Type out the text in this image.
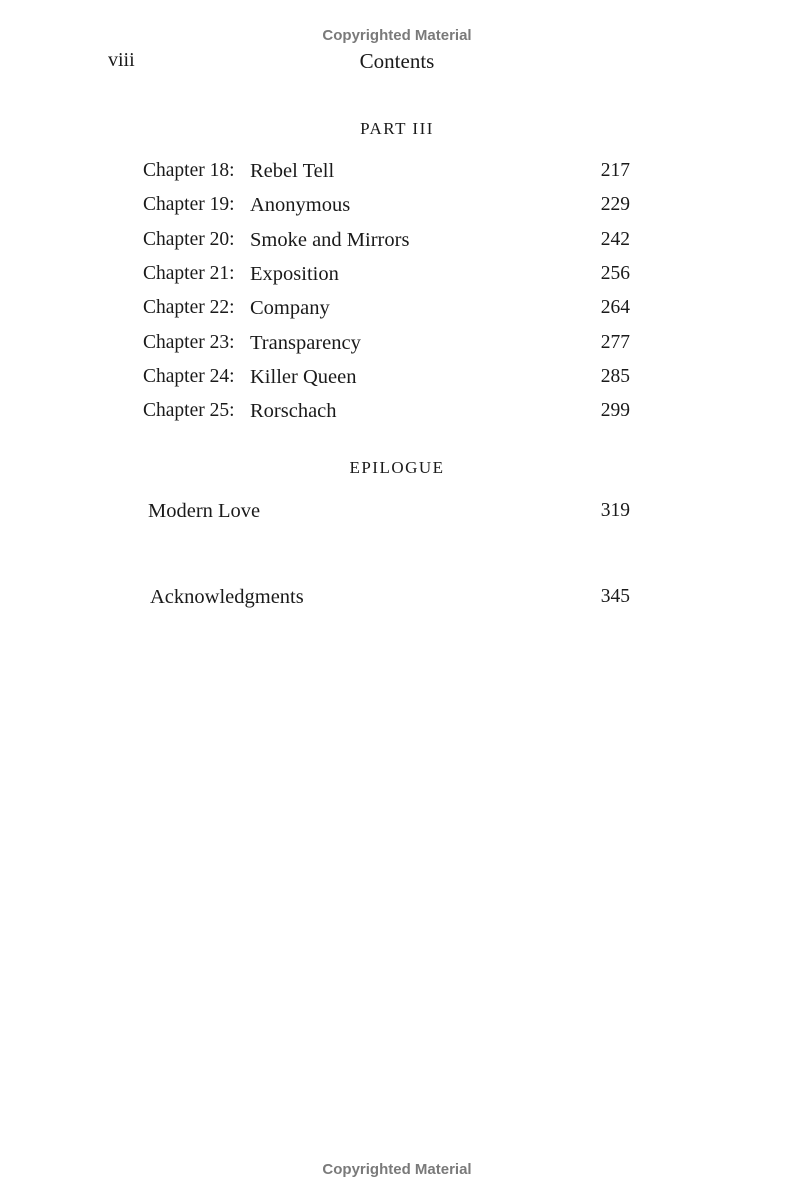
Copyrighted Material
viii	Contents
PART III
Chapter 18: Rebel Tell	217
Chapter 19: Anonymous	229
Chapter 20: Smoke and Mirrors	242
Chapter 21: Exposition	256
Chapter 22: Company	264
Chapter 23: Transparency	277
Chapter 24: Killer Queen	285
Chapter 25: Rorschach	299
EPILOGUE
Modern Love	319
Acknowledgments	345
Copyrighted Material
